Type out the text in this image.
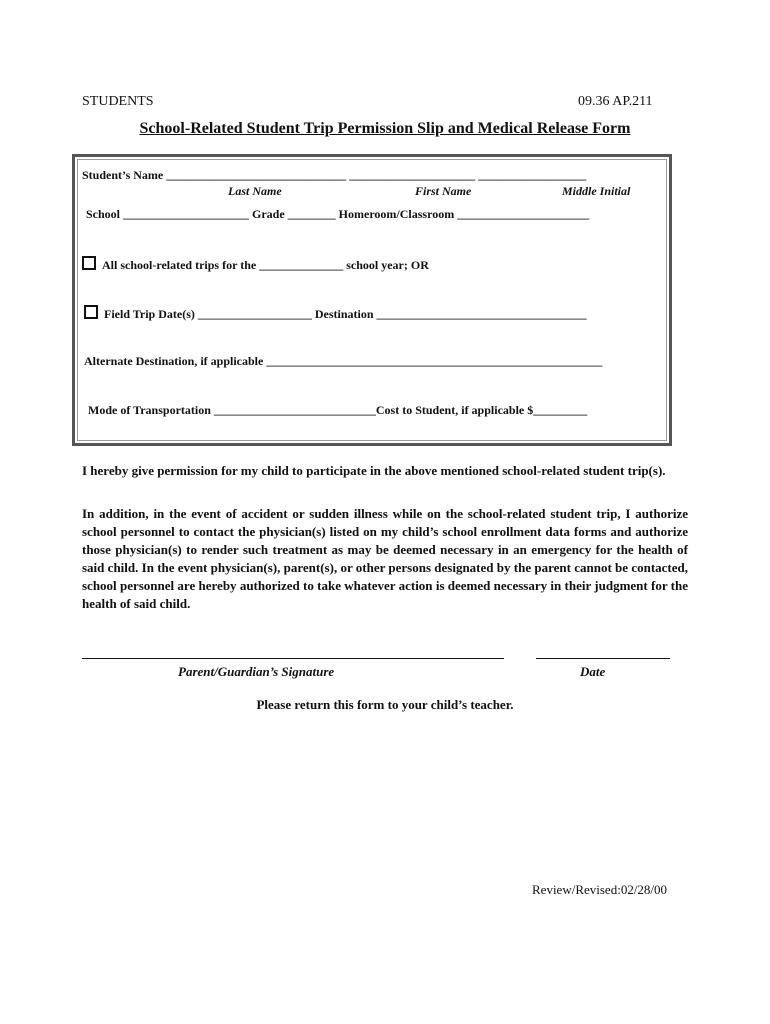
STUDENTS	09.36 AP.211
School-Related Student Trip Permission Slip and Medical Release Form
Student’s Name ______________________________ _____________________ __________________
Last Name	First Name	Middle Initial
School _____________________ Grade ________ Homeroom/Classroom ______________________
All school-related trips for the ______________ school year; OR
Field Trip Date(s) ___________________ Destination ___________________________________
Alternate Destination, if applicable ________________________________________________________
Mode of Transportation ___________________________Cost to Student, if applicable $_________
I hereby give permission for my child to participate in the above mentioned school-related student trip(s).
In addition, in the event of accident or sudden illness while on the school-related student trip, I authorize school personnel to contact the physician(s) listed on my child’s school enrollment data forms and authorize those physician(s) to render such treatment as may be deemed necessary in an emergency for the health of said child. In the event physician(s), parent(s), or other persons designated by the parent cannot be contacted, school personnel are hereby authorized to take whatever action is deemed necessary in their judgment for the health of said child.
Parent/Guardian’s Signature	Date
Please return this form to your child’s teacher.
Review/Revised:02/28/00
